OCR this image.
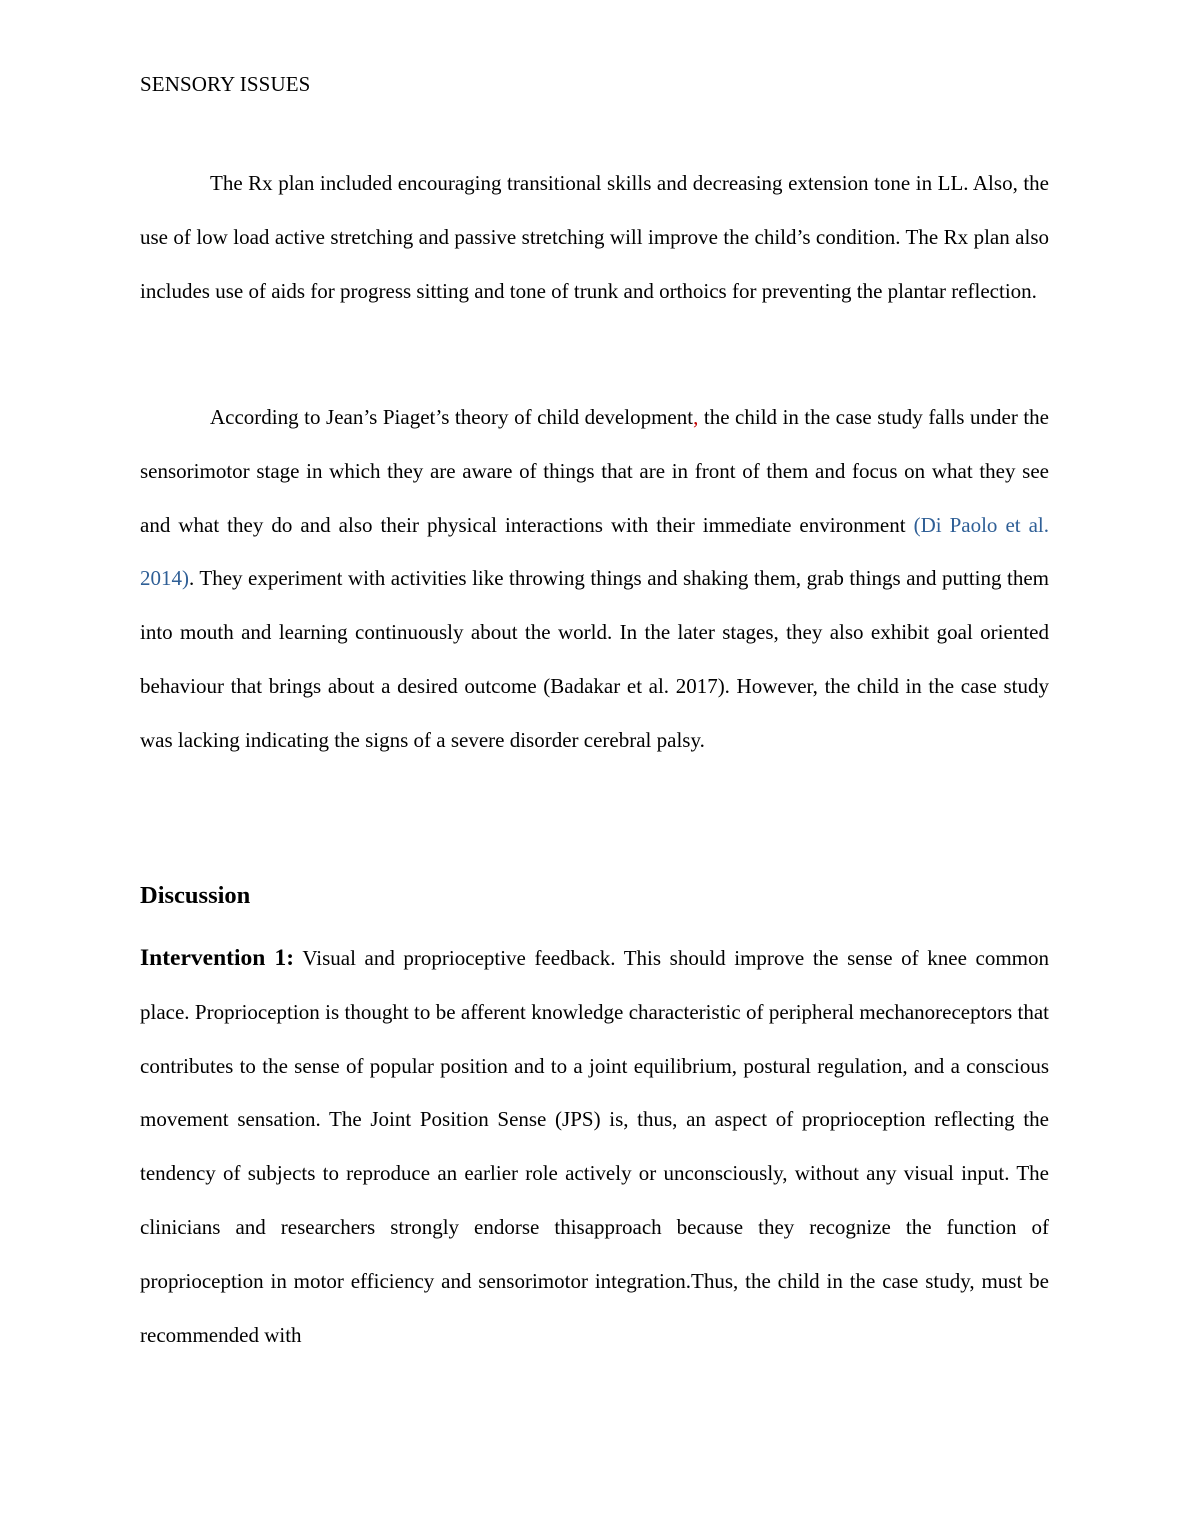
SENSORY ISSUES

The Rx plan included encouraging transitional skills and decreasing extension tone in LL. Also, the use of low load active stretching and passive stretching will improve the child’s condition. The Rx plan also includes use of aids for progress sitting and tone of trunk and orthoics for preventing the plantar reflection.

According to Jean’s Piaget’s theory of child development, the child in the case study falls under the sensorimotor stage in which they are aware of things that are in front of them and focus on what they see and what they do and also their physical interactions with their immediate environment (Di Paolo et al. 2014). They experiment with activities like throwing things and shaking them, grab things and putting them into mouth and learning continuously about the world. In the later stages, they also exhibit goal oriented behaviour that brings about a desired outcome (Badakar et al. 2017). However, the child in the case study was lacking indicating the signs of a severe disorder cerebral palsy.

Discussion

Intervention 1: Visual and proprioceptive feedback. This should improve the sense of knee common place. Proprioception is thought to be afferent knowledge characteristic of peripheral mechanoreceptors that contributes to the sense of popular position and to a joint equilibrium, postural regulation, and a conscious movement sensation. The Joint Position Sense (JPS) is, thus, an aspect of proprioception reflecting the tendency of subjects to reproduce an earlier role actively or unconsciously, without any visual input. The clinicians and researchers strongly endorse thisapproach because they recognize the function of proprioception in motor efficiency and sensorimotor integration.Thus, the child in the case study, must be recommended with
